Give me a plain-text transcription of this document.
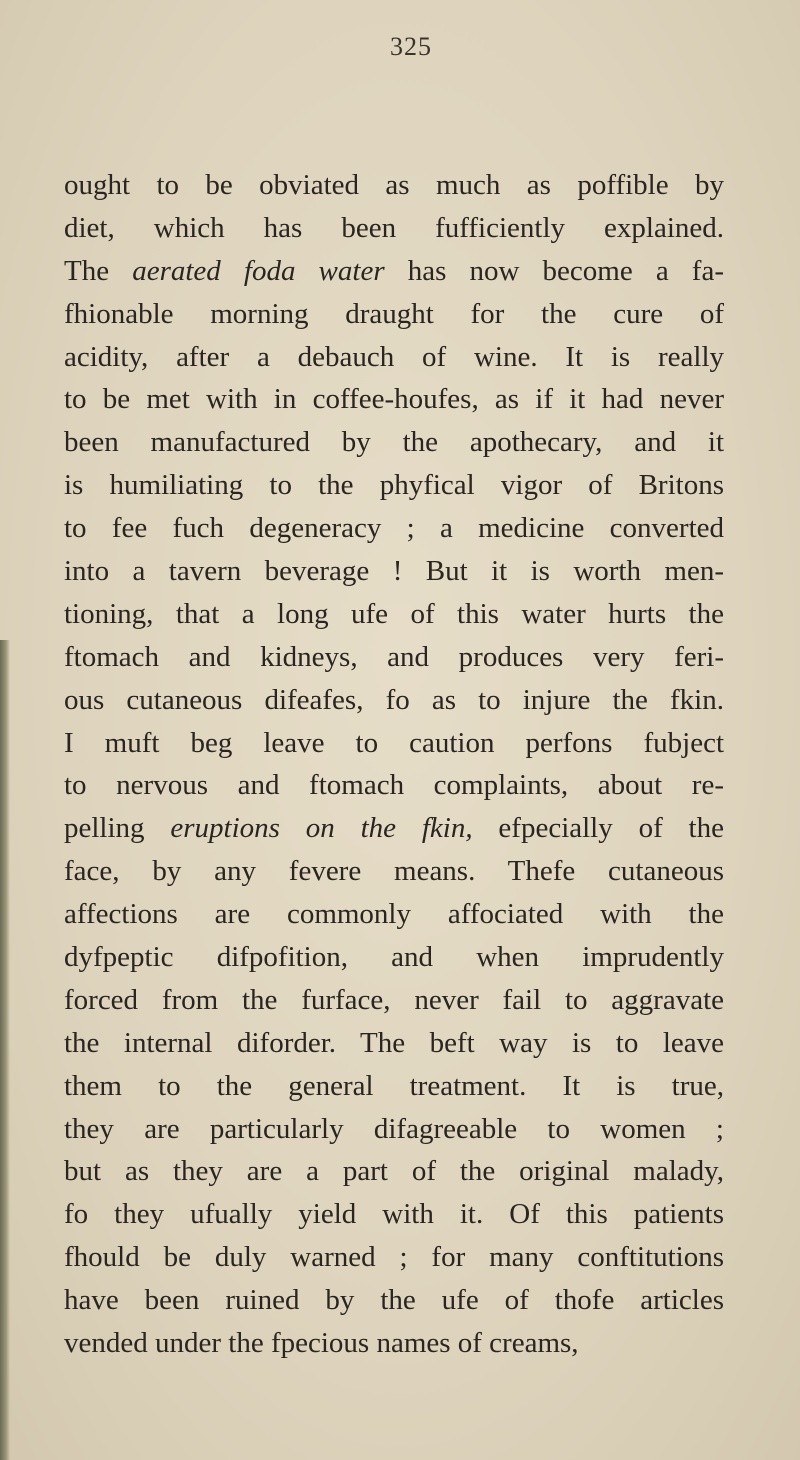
325
ought to be obviated as much as poffible by
diet, which has been fufficiently explained.
The aerated foda water has now become a fa-
fhionable morning draught for the cure of
acidity, after a debauch of wine. It is really
to be met with in coffee-houfes, as if it had never
been manufactured by the apothecary, and it
is humiliating to the phyfical vigor of Britons
to fee fuch degeneracy ; a medicine converted
into a tavern beverage ! But it is worth men-
tioning, that a long ufe of this water hurts the
ftomach and kidneys, and produces very feri-
ous cutaneous difeafes, fo as to injure the fkin.
I muft beg leave to caution perfons fubject
to nervous and ftomach complaints, about re-
pelling eruptions on the fkin, efpecially of the
face, by any fevere means. Thefe cutaneous
affections are commonly affociated with the
dyfpeptic difpofition, and when imprudently
forced from the furface, never fail to aggravate
the internal diforder. The beft way is to leave
them to the general treatment. It is true,
they are particularly difagreeable to women ;
but as they are a part of the original malady,
fo they ufually yield with it. Of this patients
fhould be duly warned ; for many conftitutions
have been ruined by the ufe of thofe articles
vended under the fpecious names of creams,
